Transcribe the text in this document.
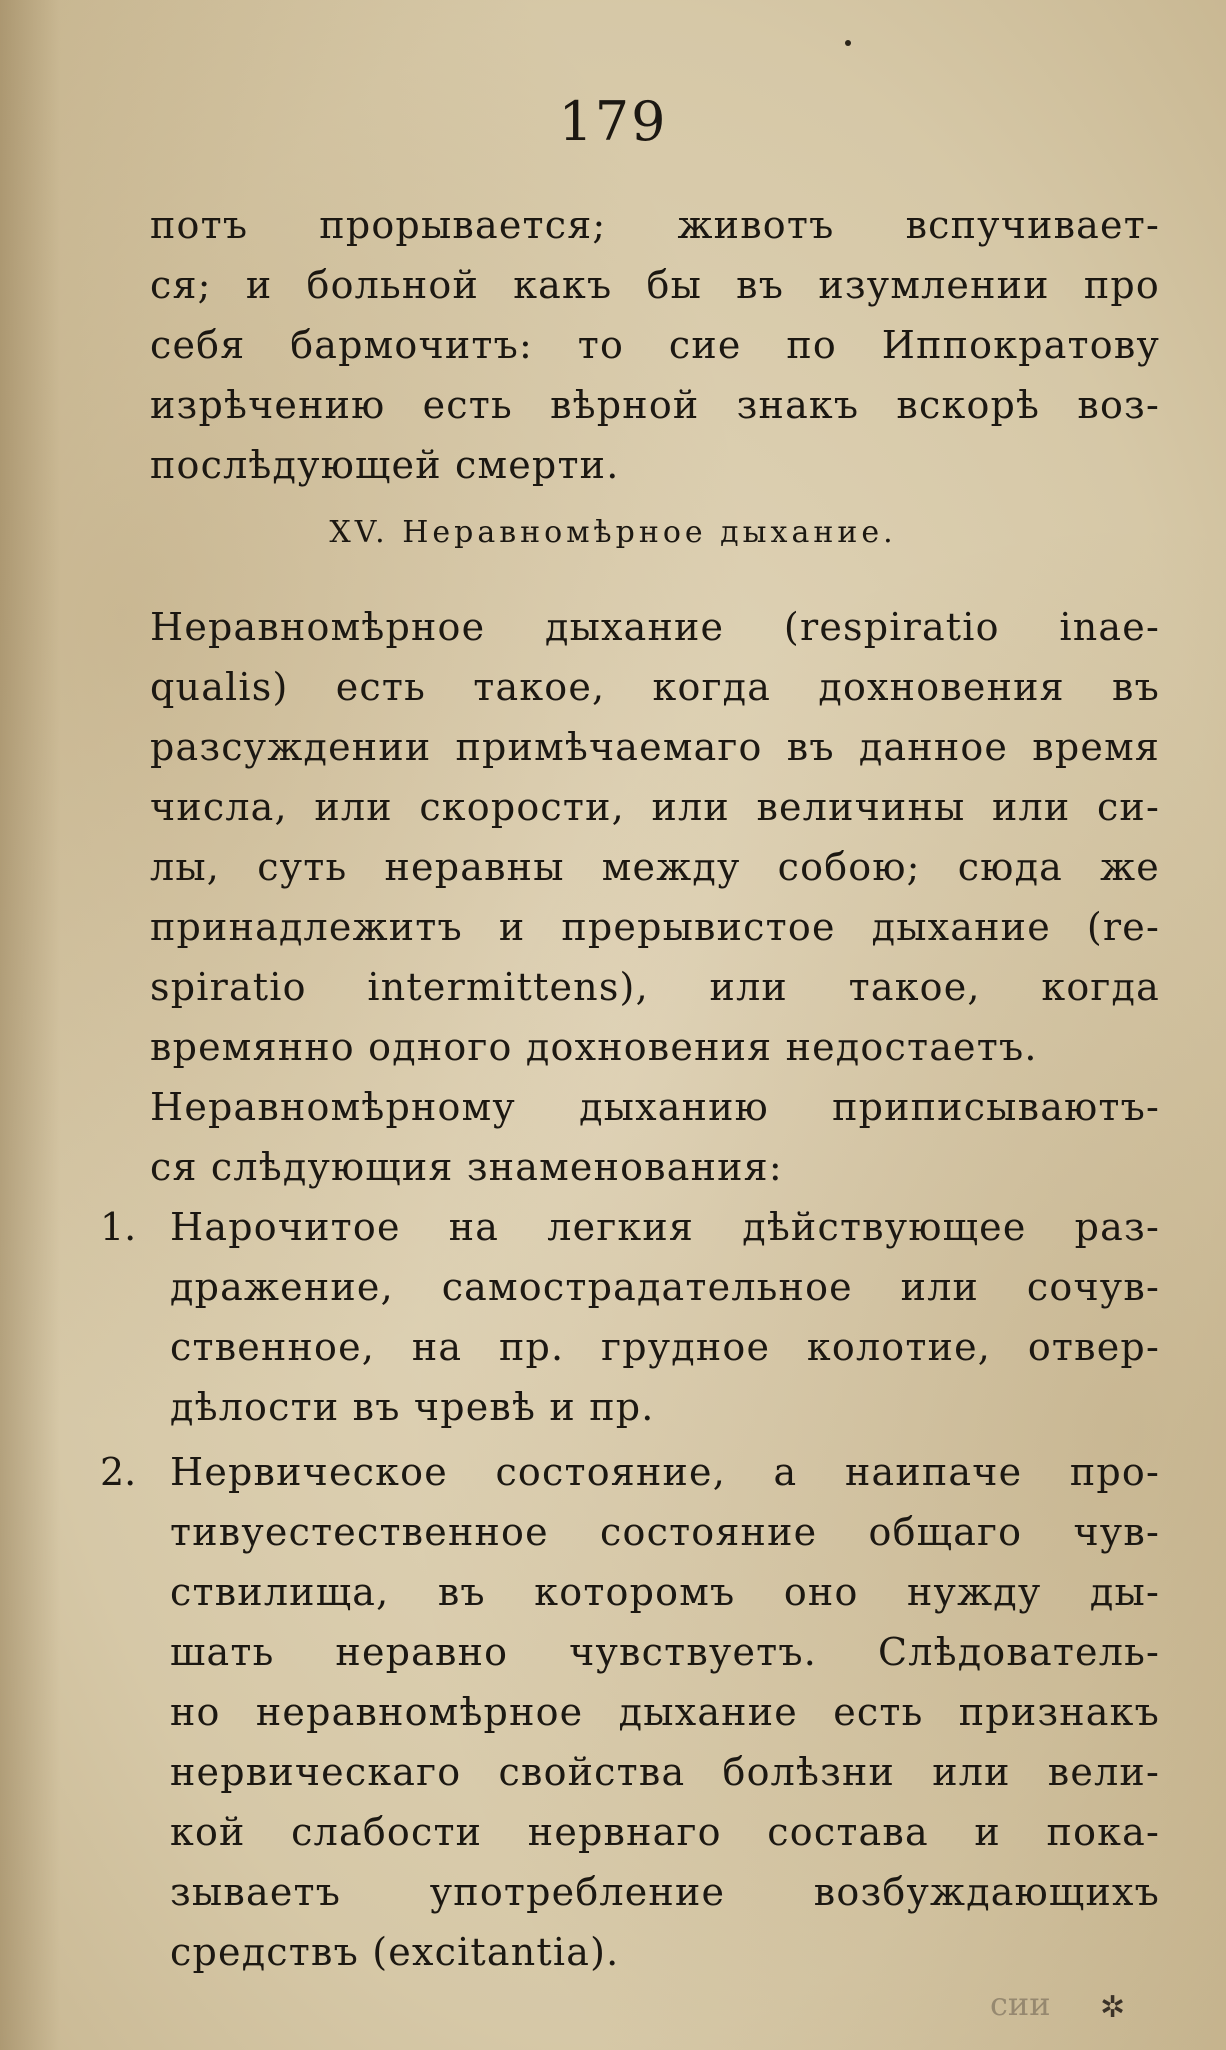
179
потъ прорывается; животъ вспучивает-
ся; и больной какъ бы въ изумлении про
себя бармочитъ: то сие по Иппократову
изрѣчению есть вѣрной знакъ вскорѣ воз-
послѣдующей смерти.
XV. Неравномѣрное дыхание.
Неравномѣрное дыхание (respiratio inae-
qualis) есть такое, когда дохновения въ
разсуждении примѣчаемаго въ данное время
числа, или скорости, или величины или си-
лы, суть неравны между собою; сюда же
принадлежитъ и прерывистое дыхание (re-
spiratio intermittens), или такое, когда
времянно одного дохновения недостаетъ.
Неравномѣрному дыханию приписываютъ-
ся слѣдующия знаменования:
1. Нарочитое на легкия дѣйствующее раз-
дражение, самострадательное или сочув-
ственное, на пр. грудное колотие, отвер-
дѣлости въ чревѣ и пр.
2. Нервическое состояние, а наипаче про-
тивуестественное состояние общаго чув-
ствилища, въ которомъ оно нужду ды-
шать неравно чувствуетъ. Слѣдователь-
но неравномѣрное дыхание есть признакъ
нервическаго свойства болѣзни или вели-
кой слабости нервнаго состава и пока-
зываетъ употребление возбуждающихъ
средствъ (excitantia).
сии ✲
